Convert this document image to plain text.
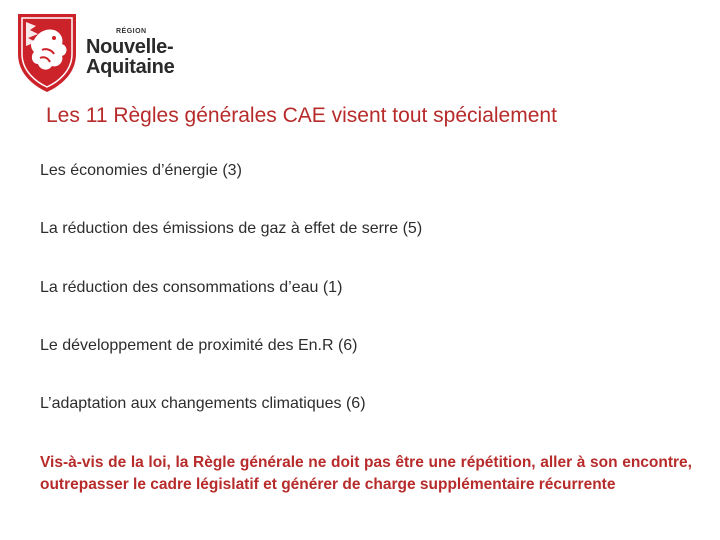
RÉGION
Nouvelle-
Aquitaine
Les 11 Règles générales CAE visent tout spécialement
Les économies d’énergie (3)
La réduction des émissions de gaz à effet de serre (5)
La réduction des consommations d’eau (1)
Le développement de proximité des En.R (6)
L’adaptation aux changements climatiques (6)
Vis-à-vis de la loi, la Règle générale ne doit pas être une répétition, aller à son encontre, outrepasser le cadre législatif et générer de charge supplémentaire récurrente
